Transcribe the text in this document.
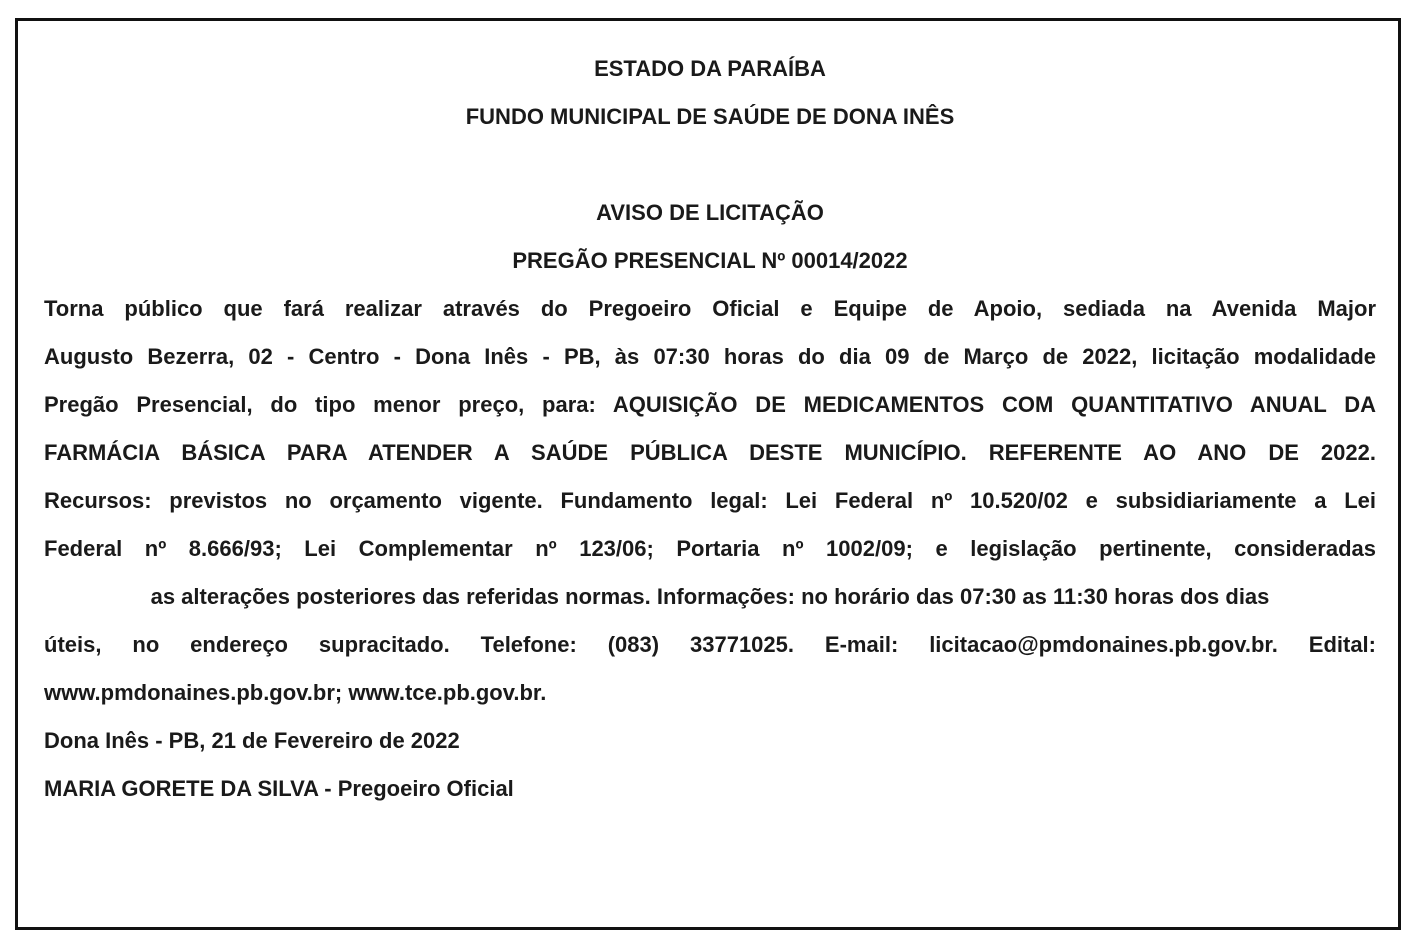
ESTADO DA PARAÍBA
FUNDO MUNICIPAL DE SAÚDE DE DONA INÊS
AVISO DE LICITAÇÃO
PREGÃO PRESENCIAL Nº 00014/2022
Torna público que fará realizar através do Pregoeiro Oficial e Equipe de Apoio, sediada na Avenida Major
Augusto Bezerra, 02 - Centro - Dona Inês - PB, às 07:30 horas do dia 09 de Março de 2022, licitação modalidade
Pregão Presencial, do tipo menor preço, para: AQUISIÇÃO DE MEDICAMENTOS COM QUANTITATIVO ANUAL DA
FARMÁCIA BÁSICA PARA ATENDER A SAÚDE PÚBLICA DESTE MUNICÍPIO. REFERENTE AO ANO DE 2022.
Recursos: previstos no orçamento vigente. Fundamento legal: Lei Federal nº 10.520/02 e subsidiariamente a Lei
Federal nº 8.666/93; Lei Complementar nº 123/06; Portaria nº 1002/09; e legislação pertinente, consideradas
as alterações posteriores das referidas normas. Informações: no horário das 07:30 as 11:30 horas dos dias
úteis, no endereço supracitado. Telefone: (083) 33771025. E-mail: licitacao@pmdonaines.pb.gov.br. Edital:
www.pmdonaines.pb.gov.br; www.tce.pb.gov.br.
Dona Inês - PB, 21 de Fevereiro de 2022
MARIA GORETE DA SILVA - Pregoeiro Oficial
